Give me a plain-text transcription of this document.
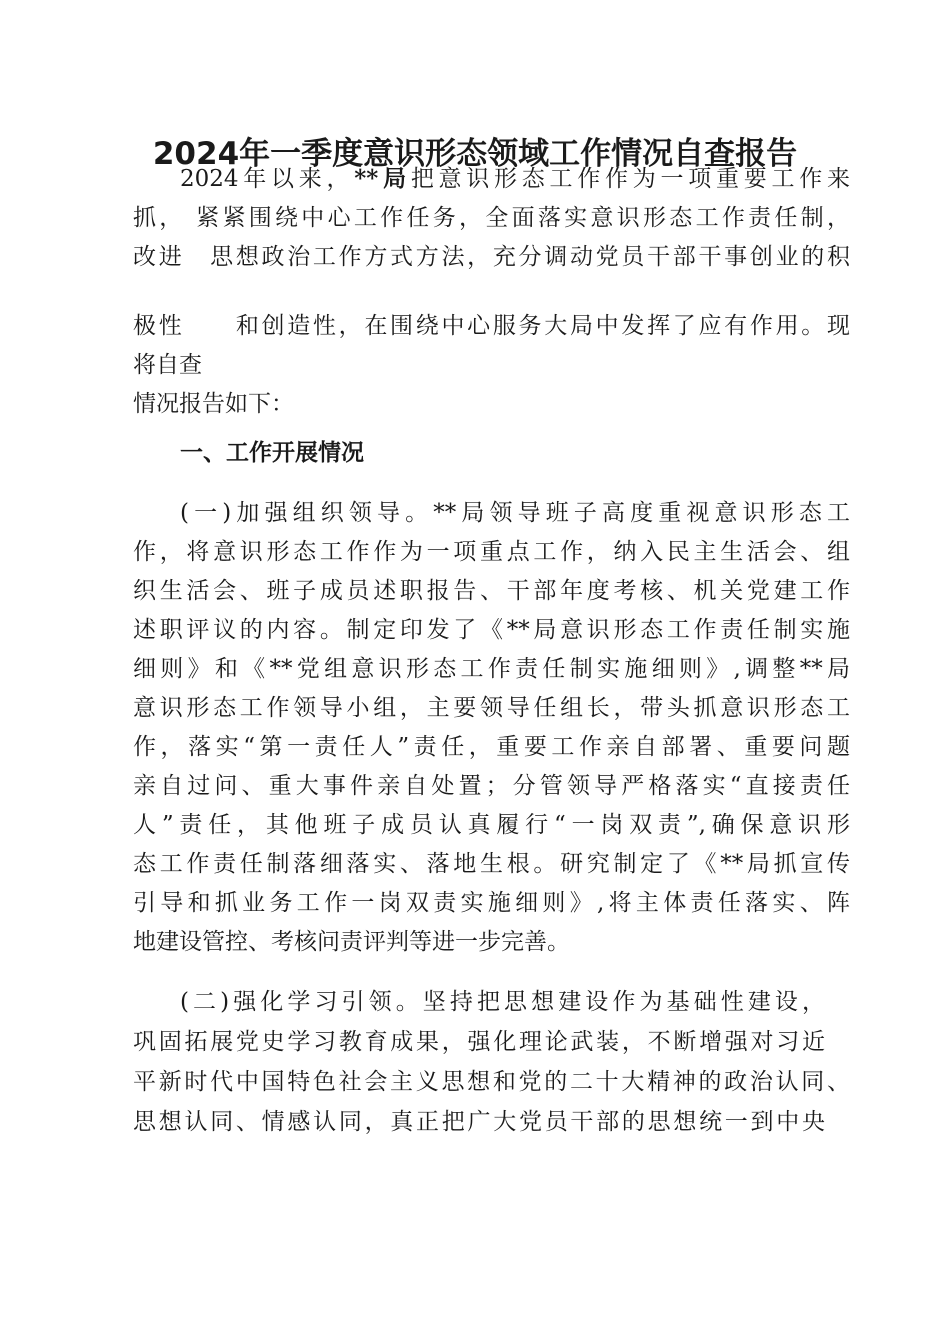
2024年一季度意识形态领域工作情况自查报告
2024年以来，**局把意识形态工作作为一项重要工作来
抓， 紧紧围绕中心工作任务，全面落实意识形态工作责任制，
改进　思想政治工作方式方法，充分调动党员干部干事创业的积
极性　　和创造性，在围绕中心服务大局中发挥了应有作用。现
将自查
情况报告如下：
一、工作开展情况
(一)加强组织领导。**局领导班子高度重视意识形态工
作，将意识形态工作作为一项重点工作，纳入民主生活会、组
织生活会、班子成员述职报告、干部年度考核、机关党建工作
述职评议的内容。制定印发了《**局意识形态工作责任制实施
细则》和《**党组意识形态工作责任制实施细则》,调整**局
意识形态工作领导小组，主要领导任组长，带头抓意识形态工
作，落实“第一责任人”责任，重要工作亲自部署、重要问题
亲自过问、重大事件亲自处置；分管领导严格落实“直接责任
人”责任，其他班子成员认真履行“一岗双责”,确保意识形
态工作责任制落细落实、落地生根。研究制定了《**局抓宣传
引导和抓业务工作一岗双责实施细则》,将主体责任落实、阵
地建设管控、考核问责评判等进一步完善。
(二)强化学习引领。坚持把思想建设作为基础性建设，
巩固拓展党史学习教育成果，强化理论武装，不断增强对习近
平新时代中国特色社会主义思想和党的二十大精神的政治认同、
思想认同、情感认同，真正把广大党员干部的思想统一到中央
